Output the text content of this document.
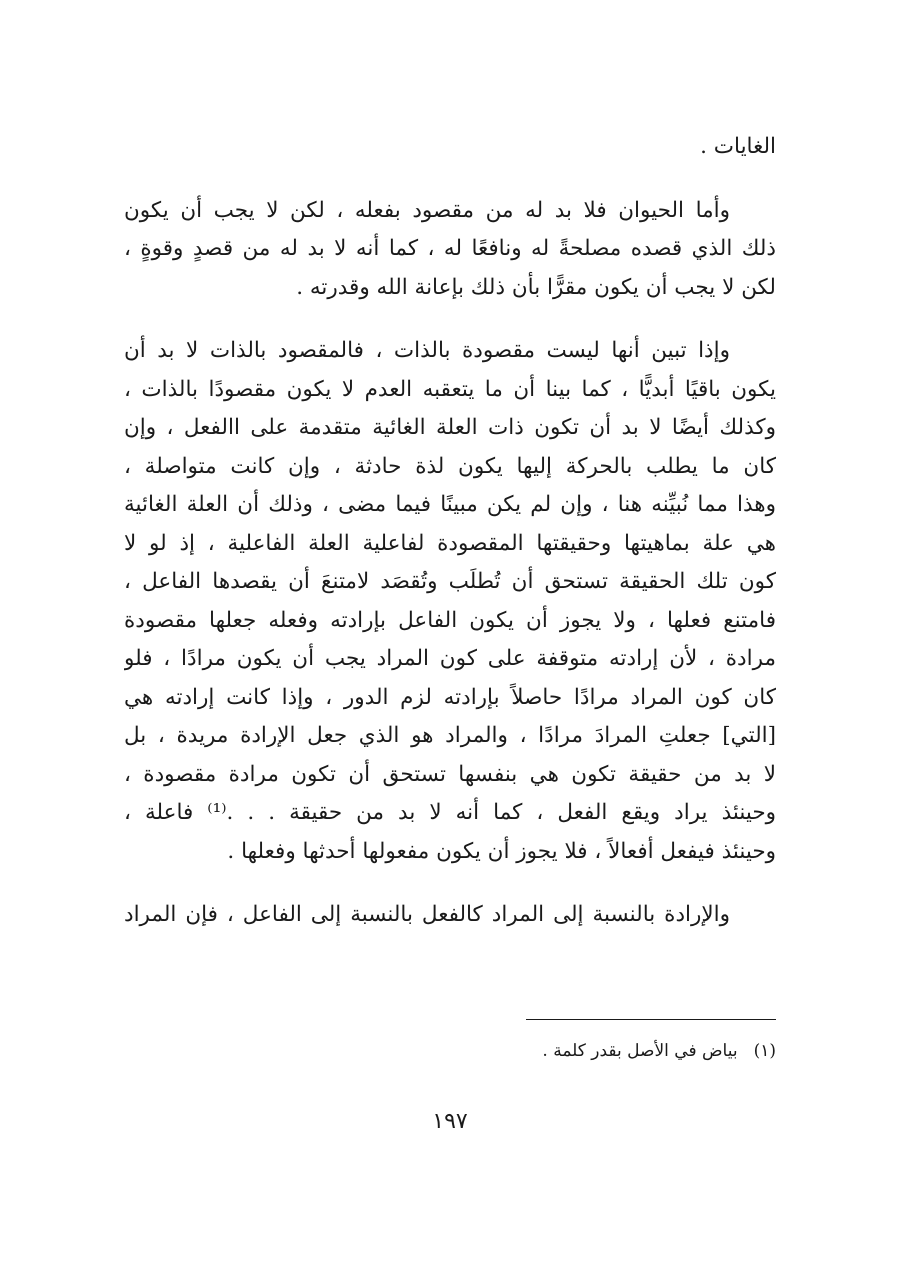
الغايات .
وأما الحيوان فلا بد له من مقصود بفعله ، لكن لا يجب أن يكون
ذلك الذي قصده مصلحةً له ونافعًا له ، كما أنه لا بد له من قصدٍ وقوةٍ ،
لكن لا يجب أن يكون مقرًّا بأن ذلك بإعانة الله وقدرته .
وإذا تبين أنها ليست مقصودة بالذات ، فالمقصود بالذات لا بد أن
يكون باقيًا أبديًّا ، كما بينا أن ما يتعقبه العدم لا يكون مقصودًا بالذات ،
وكذلك أيضًا لا بد أن تكون ذات العلة الغائية متقدمة على االفعل ، وإن
كان ما يطلب بالحركة إليها يكون لذة حادثة ، وإن كانت متواصلة ،
وهذا مما نُبيِّنه هنا ، وإن لم يكن مبينًا فيما مضى ، وذلك أن العلة الغائية
هي علة بماهيتها وحقيقتها المقصودة لفاعلية العلة الفاعلية ، إذ لو لا
كون تلك الحقيقة تستحق أن تُطلَب وتُقصَد لامتنعَ أن يقصدها الفاعل ،
فامتنع فعلها ، ولا يجوز أن يكون الفاعل بإرادته وفعله جعلها مقصودة
مرادة ، لأن إرادته متوقفة على كون المراد يجب أن يكون مرادًا ، فلو
كان كون المراد مرادًا حاصلاً بإرادته لزم الدور ، وإذا كانت إرادته هي
[التي] جعلتِ المرادَ مرادًا ، والمراد هو الذي جعل الإرادة مريدة ، بل
لا بد من حقيقة تكون هي بنفسها تستحق أن تكون مرادة مقصودة ،
وحينئذ يراد ويقع الفعل ، كما أنه لا بد من حقيقة . . .⁽¹⁾ فاعلة ،
وحينئذ فيفعل أفعالاً ، فلا يجوز أن يكون مفعولها أحدثها وفعلها .
والإرادة بالنسبة إلى المراد كالفعل بالنسبة إلى الفاعل ، فإن المراد
(١)بياض في الأصل بقدر كلمة .
١٩٧
